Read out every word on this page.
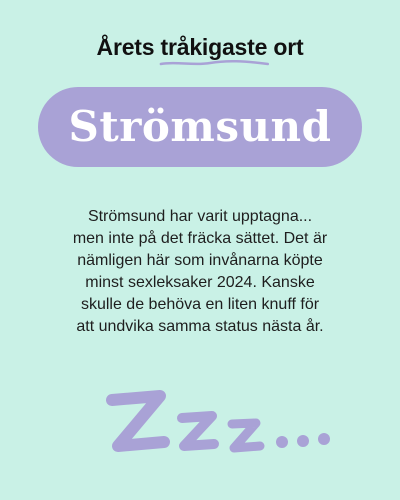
Årets tråkigaste
ort
Strömsund
Strömsund har varit upptagna...
men inte på det fräcka sättet. Det är
nämligen här som invånarna köpte
minst sexleksaker 2024. Kanske
skulle de behöva en liten knuff för
att undvika samma status nästa år.
